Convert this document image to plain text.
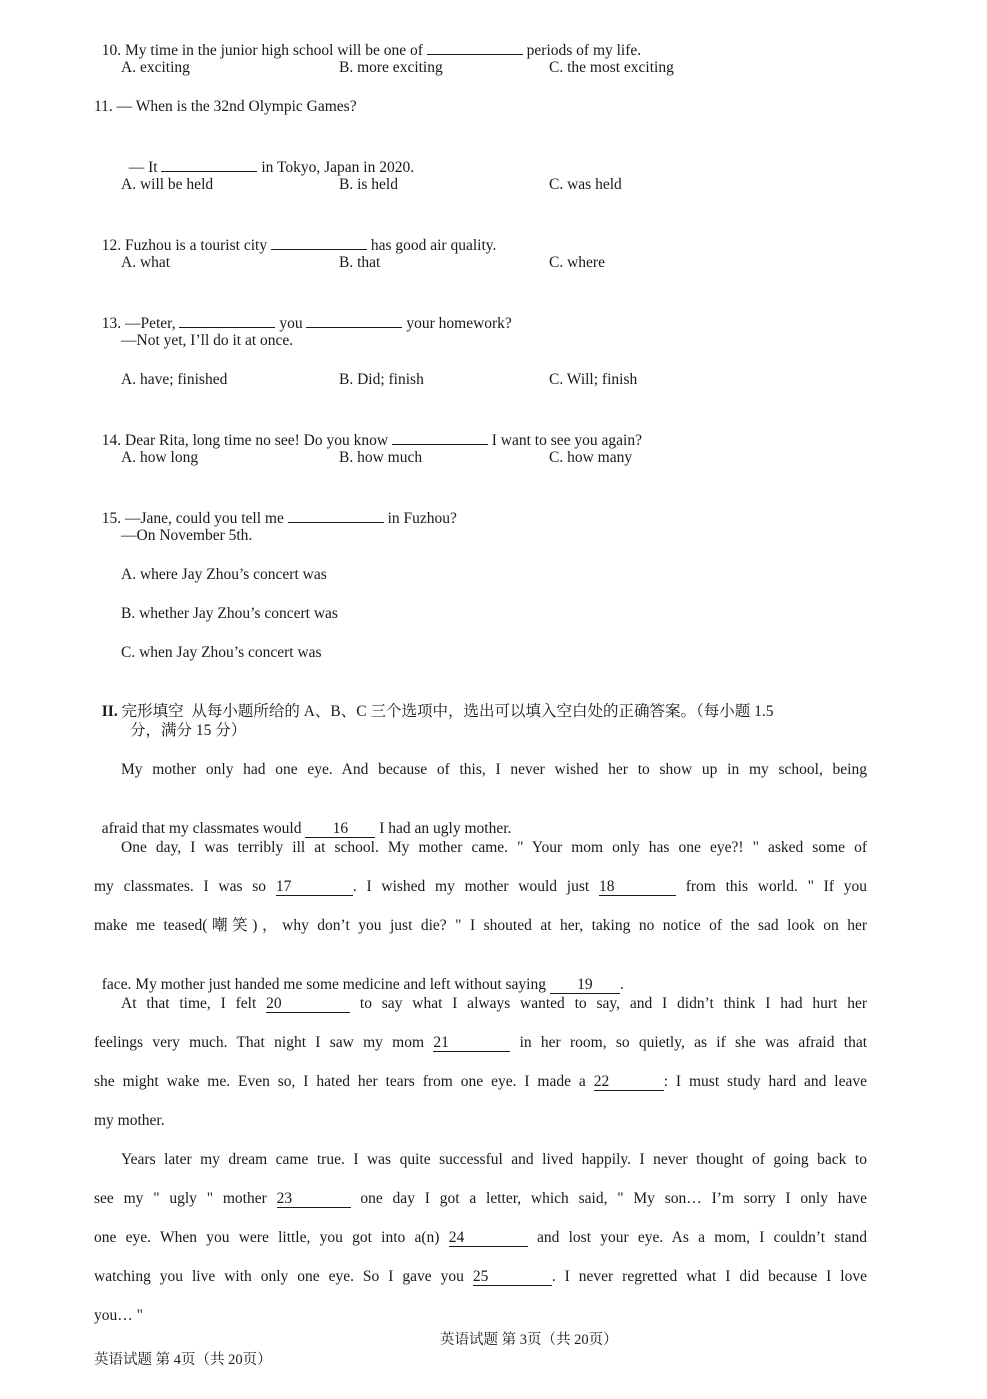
10. My time in the junior high school will be one of	periods of my life.

A. exciting	B. more exciting	C. the most exciting
11. — When is the 32nd Olympic Games?

— It	in Tokyo, Japan in 2020.

A. will be held	B. is held	C. was held

12. Fuzhou is a tourist city	has good air quality.

A. what	B. that	C. where

13. —Peter,	you	your homework?

—Not yet, I’ll do it at once.
A. have; finished	B. Did; finish	C. Will; finish

14. Dear Rita, long time no see! Do you know	I want to see you again?

A. how long	B. how much	C. how many

15. —Jane, could you tell me	in Fuzhou?

—On November 5th.
A. where Jay Zhou’s concert was
B. whether Jay Zhou’s concert was
C. when Jay Zhou’s concert was

II. 完形填空  从每小题所给的 A、B、C 三个选项中，选出可以填入空白处的正确答案。（每小题 1.5

分，满分 15 分）
My mother only had one eye. And because of this, I never wished her to show up in my school, being

afraid that my classmates would 16 I had an ugly mother.

One day, I was terribly ill at school. My mother came. " Your mom only has one eye?! " asked some of
my classmates. I was so 17	. I wished my mother would just 18	from this world. " If you
make me teased(嘲笑)，why don’t you just die? " I shouted at her, taking no notice of the sad look on her

face. My mother just handed me some medicine and left without saying 19 .

At that time, I felt 20	to say what I always wanted to say, and I didn’t think I had hurt her
feelings very much. That night I saw my mom 21	in her room, so quietly, as if she was afraid that
she might wake me. Even so, I hated her tears from one eye. I made a 22	: I must study hard and leave
my mother.
Years later my dream came true. I was quite successful and lived happily. I never thought of going back to
see my " ugly " mother 23	one day I got a letter, which said, " My son… I’m sorry I only have
one eye. When you were little, you got into a(n) 24	and lost your eye. As a mom, I couldn’t stand
watching you live with only one eye. So I gave you 25	. I never regretted what I did because I love
you… "
英语试题 第 3页（共 20页）
英语试题 第 4页（共 20页）
